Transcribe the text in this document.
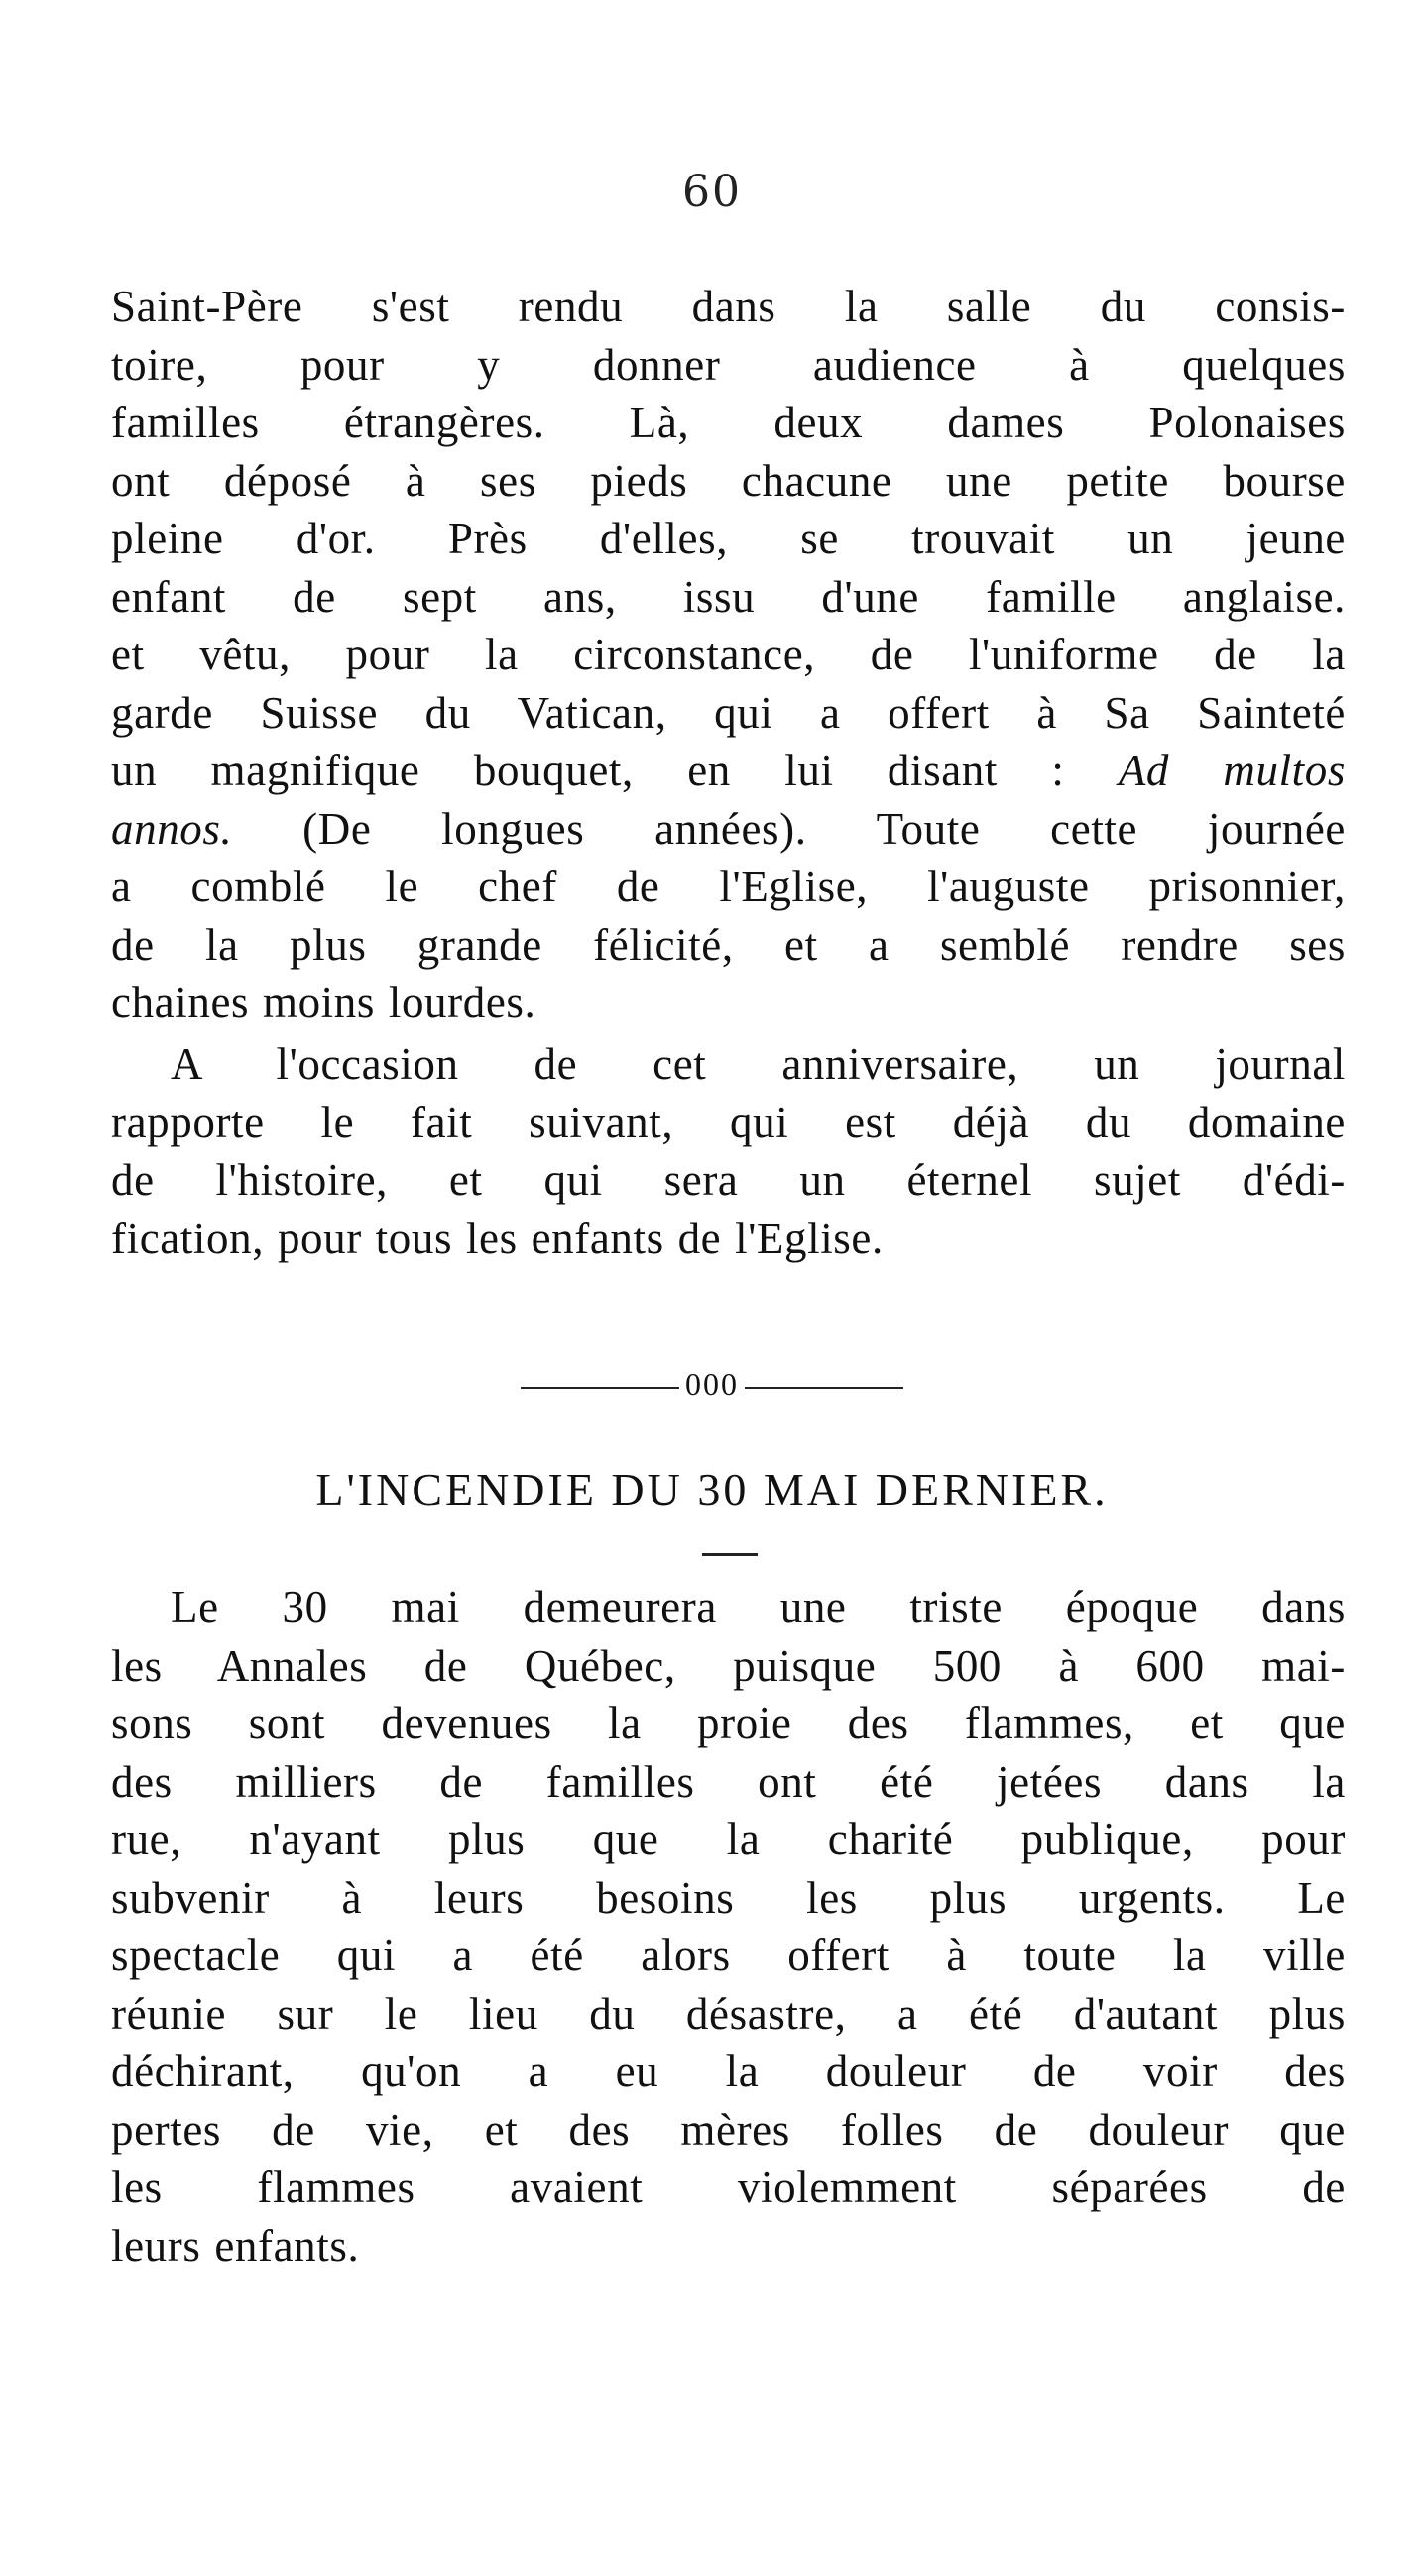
60
Saint-Père s'est rendu dans la salle du consis-
toire, pour y donner audience à quelques
familles étrangères. Là, deux dames Polonaises
ont déposé à ses pieds chacune une petite bourse
pleine d'or. Près d'elles, se trouvait un jeune
enfant de sept ans, issu d'une famille anglaise.
et vêtu, pour la circonstance, de l'uniforme de la
garde Suisse du Vatican, qui a offert à Sa Sainteté
un magnifique bouquet, en lui disant : Ad multos
annos. (De longues années). Toute cette journée
a comblé le chef de l'Eglise, l'auguste prisonnier,
de la plus grande félicité, et a semblé rendre ses
chaines moins lourdes.
A l'occasion de cet anniversaire, un journal
rapporte le fait suivant, qui est déjà du domaine
de l'histoire, et qui sera un éternel sujet d'édi-
fication, pour tous les enfants de l'Eglise.
000
L'INCENDIE DU 30 MAI DERNIER.
Le 30 mai demeurera une triste époque dans
les Annales de Québec, puisque 500 à 600 mai-
sons sont devenues la proie des flammes, et que
des milliers de familles ont été jetées dans la
rue, n'ayant plus que la charité publique, pour
subvenir à leurs besoins les plus urgents. Le
spectacle qui a été alors offert à toute la ville
réunie sur le lieu du désastre, a été d'autant plus
déchirant, qu'on a eu la douleur de voir des
pertes de vie, et des mères folles de douleur que
les flammes avaient violemment séparées de
leurs enfants.
